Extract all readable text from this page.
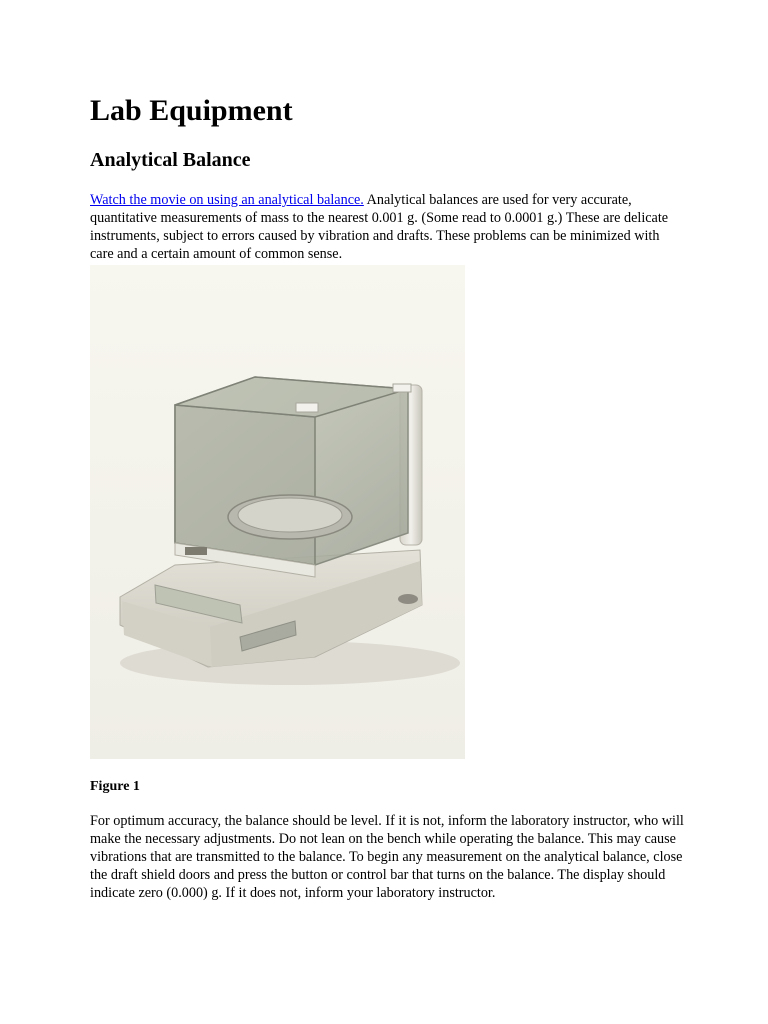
Lab Equipment
Analytical Balance

Watch the movie on using an analytical balance. Analytical balances are used for very accurate, quantitative measurements of mass to the nearest 0.001 g. (Some read to 0.0001 g.) These are delicate instruments, subject to errors caused by vibration and drafts. These problems can be minimized with care and a certain amount of common sense.

Figure 1

For optimum accuracy, the balance should be level. If it is not, inform the laboratory instructor, who will make the necessary adjustments. Do not lean on the bench while operating the balance. This may cause vibrations that are transmitted to the balance. To begin any measurement on the analytical balance, close the draft shield doors and press the button or control bar that turns on the balance. The display should indicate zero (0.000) g. If it does not, inform your laboratory instructor.
